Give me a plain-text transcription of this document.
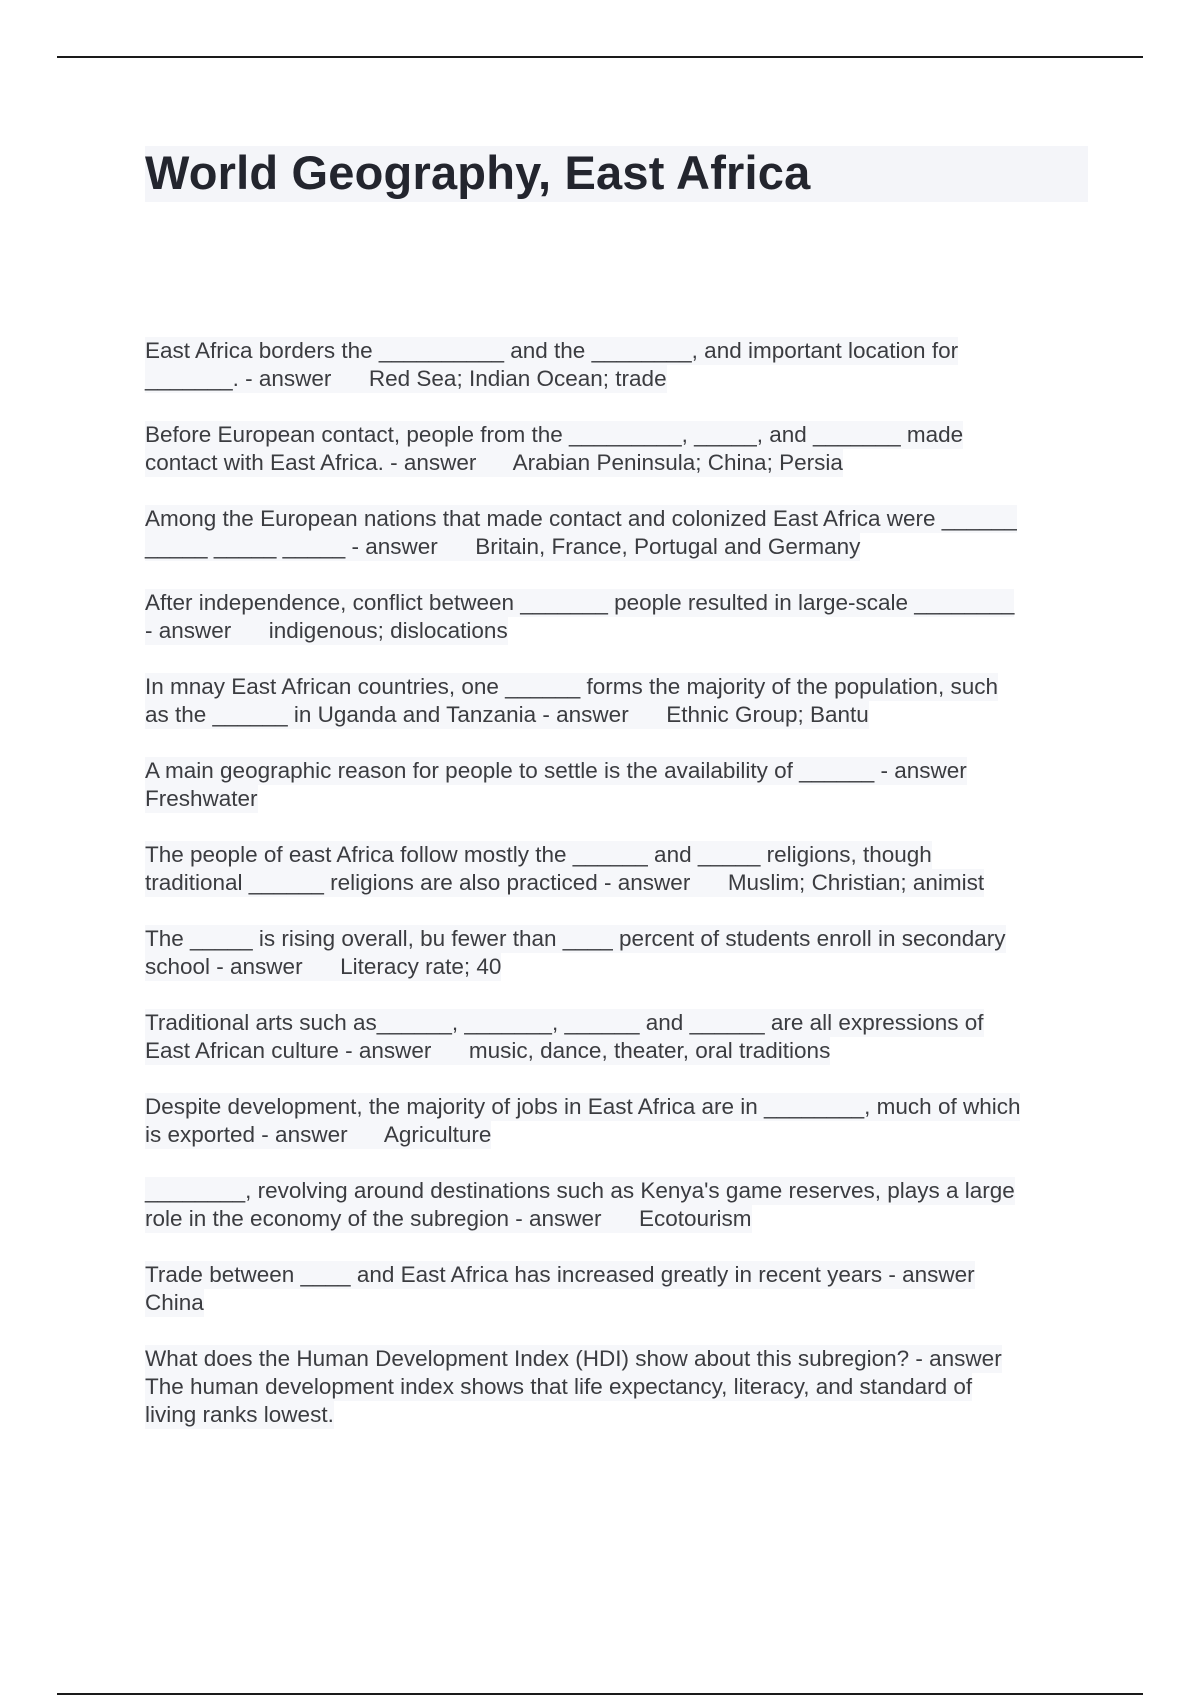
World Geography, East Africa
East Africa borders the __________ and the ________, and important location for
_______. - answer      Red Sea; Indian Ocean; trade
Before European contact, people from the _________, _____, and _______ made
contact with East Africa. - answer      Arabian Peninsula; China; Persia
Among the European nations that made contact and colonized East Africa were ______
_____ _____ _____ - answer      Britain, France, Portugal and Germany
After independence, conflict between _______ people resulted in large-scale ________
- answer      indigenous; dislocations
In mnay East African countries, one ______ forms the majority of the population, such
as the ______ in Uganda and Tanzania - answer      Ethnic Group; Bantu
A main geographic reason for people to settle is the availability of ______ - answer
Freshwater
The people of east Africa follow mostly the ______ and _____ religions, though
traditional ______ religions are also practiced - answer      Muslim; Christian; animist
The _____ is rising overall, bu fewer than ____ percent of students enroll in secondary
school - answer      Literacy rate; 40
Traditional arts such as______, _______, ______ and ______ are all expressions of
East African culture - answer      music, dance, theater, oral traditions
Despite development, the majority of jobs in East Africa are in ________, much of which
is exported - answer      Agriculture
________, revolving around destinations such as Kenya's game reserves, plays a large
role in the economy of the subregion - answer      Ecotourism
Trade between ____ and East Africa has increased greatly in recent years - answer
China
What does the Human Development Index (HDI) show about this subregion? - answer
The human development index shows that life expectancy, literacy, and standard of
living ranks lowest.
